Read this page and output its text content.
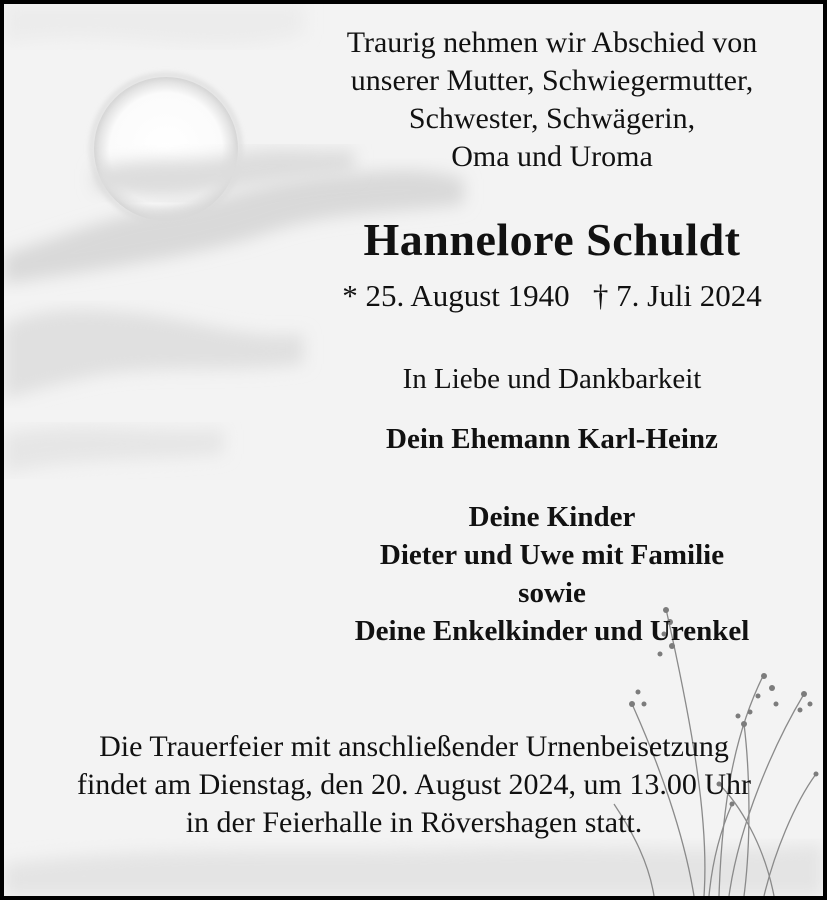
Traurig nehmen wir Abschied von
unserer Mutter, Schwiegermutter,
Schwester, Schwägerin,
Oma und Uroma
Hannelore Schuldt
* 25. August 1940   † 7. Juli 2024
In Liebe und Dankbarkeit
Dein Ehemann Karl-Heinz
Deine Kinder
Dieter und Uwe mit Familie
sowie
Deine Enkelkinder und Urenkel
Die Trauerfeier mit anschließender Urnenbeisetzung
findet am Dienstag, den 20. August 2024, um 13.00 Uhr
in der Feierhalle in Rövershagen statt.
